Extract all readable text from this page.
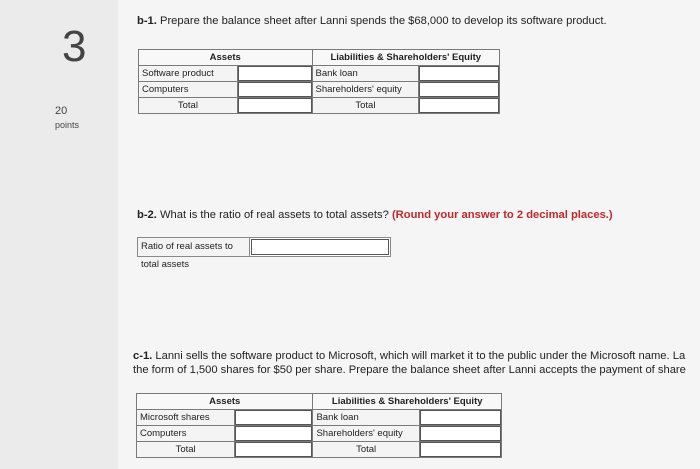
3
20
points
b-1. Prepare the balance sheet after Lanni spends the $68,000 to develop its software product.
Assets		Liabilities & Shareholders' Equity	
Software product		Bank loan	
Computers		Shareholders' equity	
Total		Total	
b-2. What is the ratio of real assets to total assets? (Round your answer to 2 decimal places.)
Ratio of real assets to total assets
c-1. Lanni sells the software product to Microsoft, which will market it to the public under the Microsoft name. La
the form of 1,500 shares for $50 per share. Prepare the balance sheet after Lanni accepts the payment of share
Assets		Liabilities & Shareholders' Equity	
Microsoft shares		Bank loan	
Computers		Shareholders' equity	
Total		Total	
